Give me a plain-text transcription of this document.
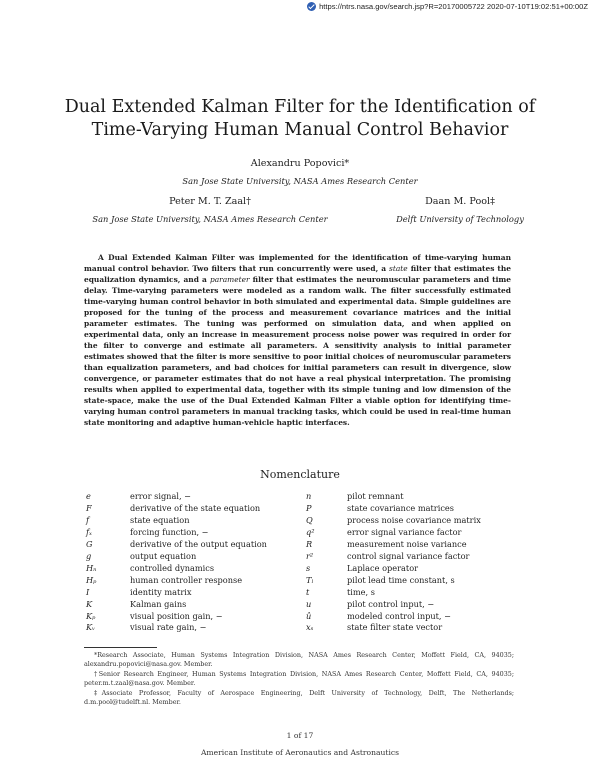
https://ntrs.nasa.gov/search.jsp?R=20170005722 2020-07-10T19:02:51+00:00Z
Dual Extended Kalman Filter for the Identification of
Time-Varying Human Manual Control Behavior
Alexandru Popovici*
San Jose State University, NASA Ames Research Center
Peter M. T. Zaal†
San Jose State University, NASA Ames Research Center
Daan M. Pool‡
Delft University of Technology
A Dual Extended Kalman Filter was implemented for the identification of time-varying human manual control behavior. Two filters that run concurrently were used, a state filter that estimates the equalization dynamics, and a parameter filter that estimates the neuromuscular parameters and time delay. Time-varying parameters were modeled as a random walk. The filter successfully estimated time-varying human control behavior in both simulated and experimental data. Simple guidelines are proposed for the tuning of the process and measurement covariance matrices and the initial parameter estimates. The tuning was performed on simulation data, and when applied on experimental data, only an increase in measurement process noise power was required in order for the filter to converge and estimate all parameters. A sensitivity analysis to initial parameter estimates showed that the filter is more sensitive to poor initial choices of neuromuscular parameters than equalization parameters, and bad choices for initial parameters can result in divergence, slow convergence, or parameter estimates that do not have a real physical interpretation. The promising results when applied to experimental data, together with its simple tuning and low dimension of the state-space, make the use of the Dual Extended Kalman Filter a viable option for identifying time-varying human control parameters in manual tracking tasks, which could be used in real-time human state monitoring and adaptive human-vehicle haptic interfaces.
Nomenclature
e	error signal, −
F	derivative of the state equation
f	state equation
fₓ	forcing function, −
G	derivative of the output equation
g	output equation
Hₙ	controlled dynamics
Hₚ	human controller response
I	identity matrix
K	Kalman gains
Kₚ	visual position gain, −
Kᵥ	visual rate gain, −
n	pilot remnant
P	state covariance matrices
Q	process noise covariance matrix
q²	error signal variance factor
R	measurement noise variance
r²	control signal variance factor
s	Laplace operator
Tₗ	pilot lead time constant, s
t	time, s
u	pilot control input, −
û	modeled control input, −
xₛ	state filter state vector
*Research Associate, Human Systems Integration Division, NASA Ames Research Center, Moffett Field, CA, 94035; alexandru.popovici@nasa.gov. Member.
†Senior Research Engineer, Human Systems Integration Division, NASA Ames Research Center, Moffett Field, CA, 94035; peter.m.t.zaal@nasa.gov. Member.
‡Associate Professor, Faculty of Aerospace Engineering, Delft University of Technology, Delft, The Netherlands; d.m.pool@tudelft.nl. Member.
1 of 17
American Institute of Aeronautics and Astronautics
